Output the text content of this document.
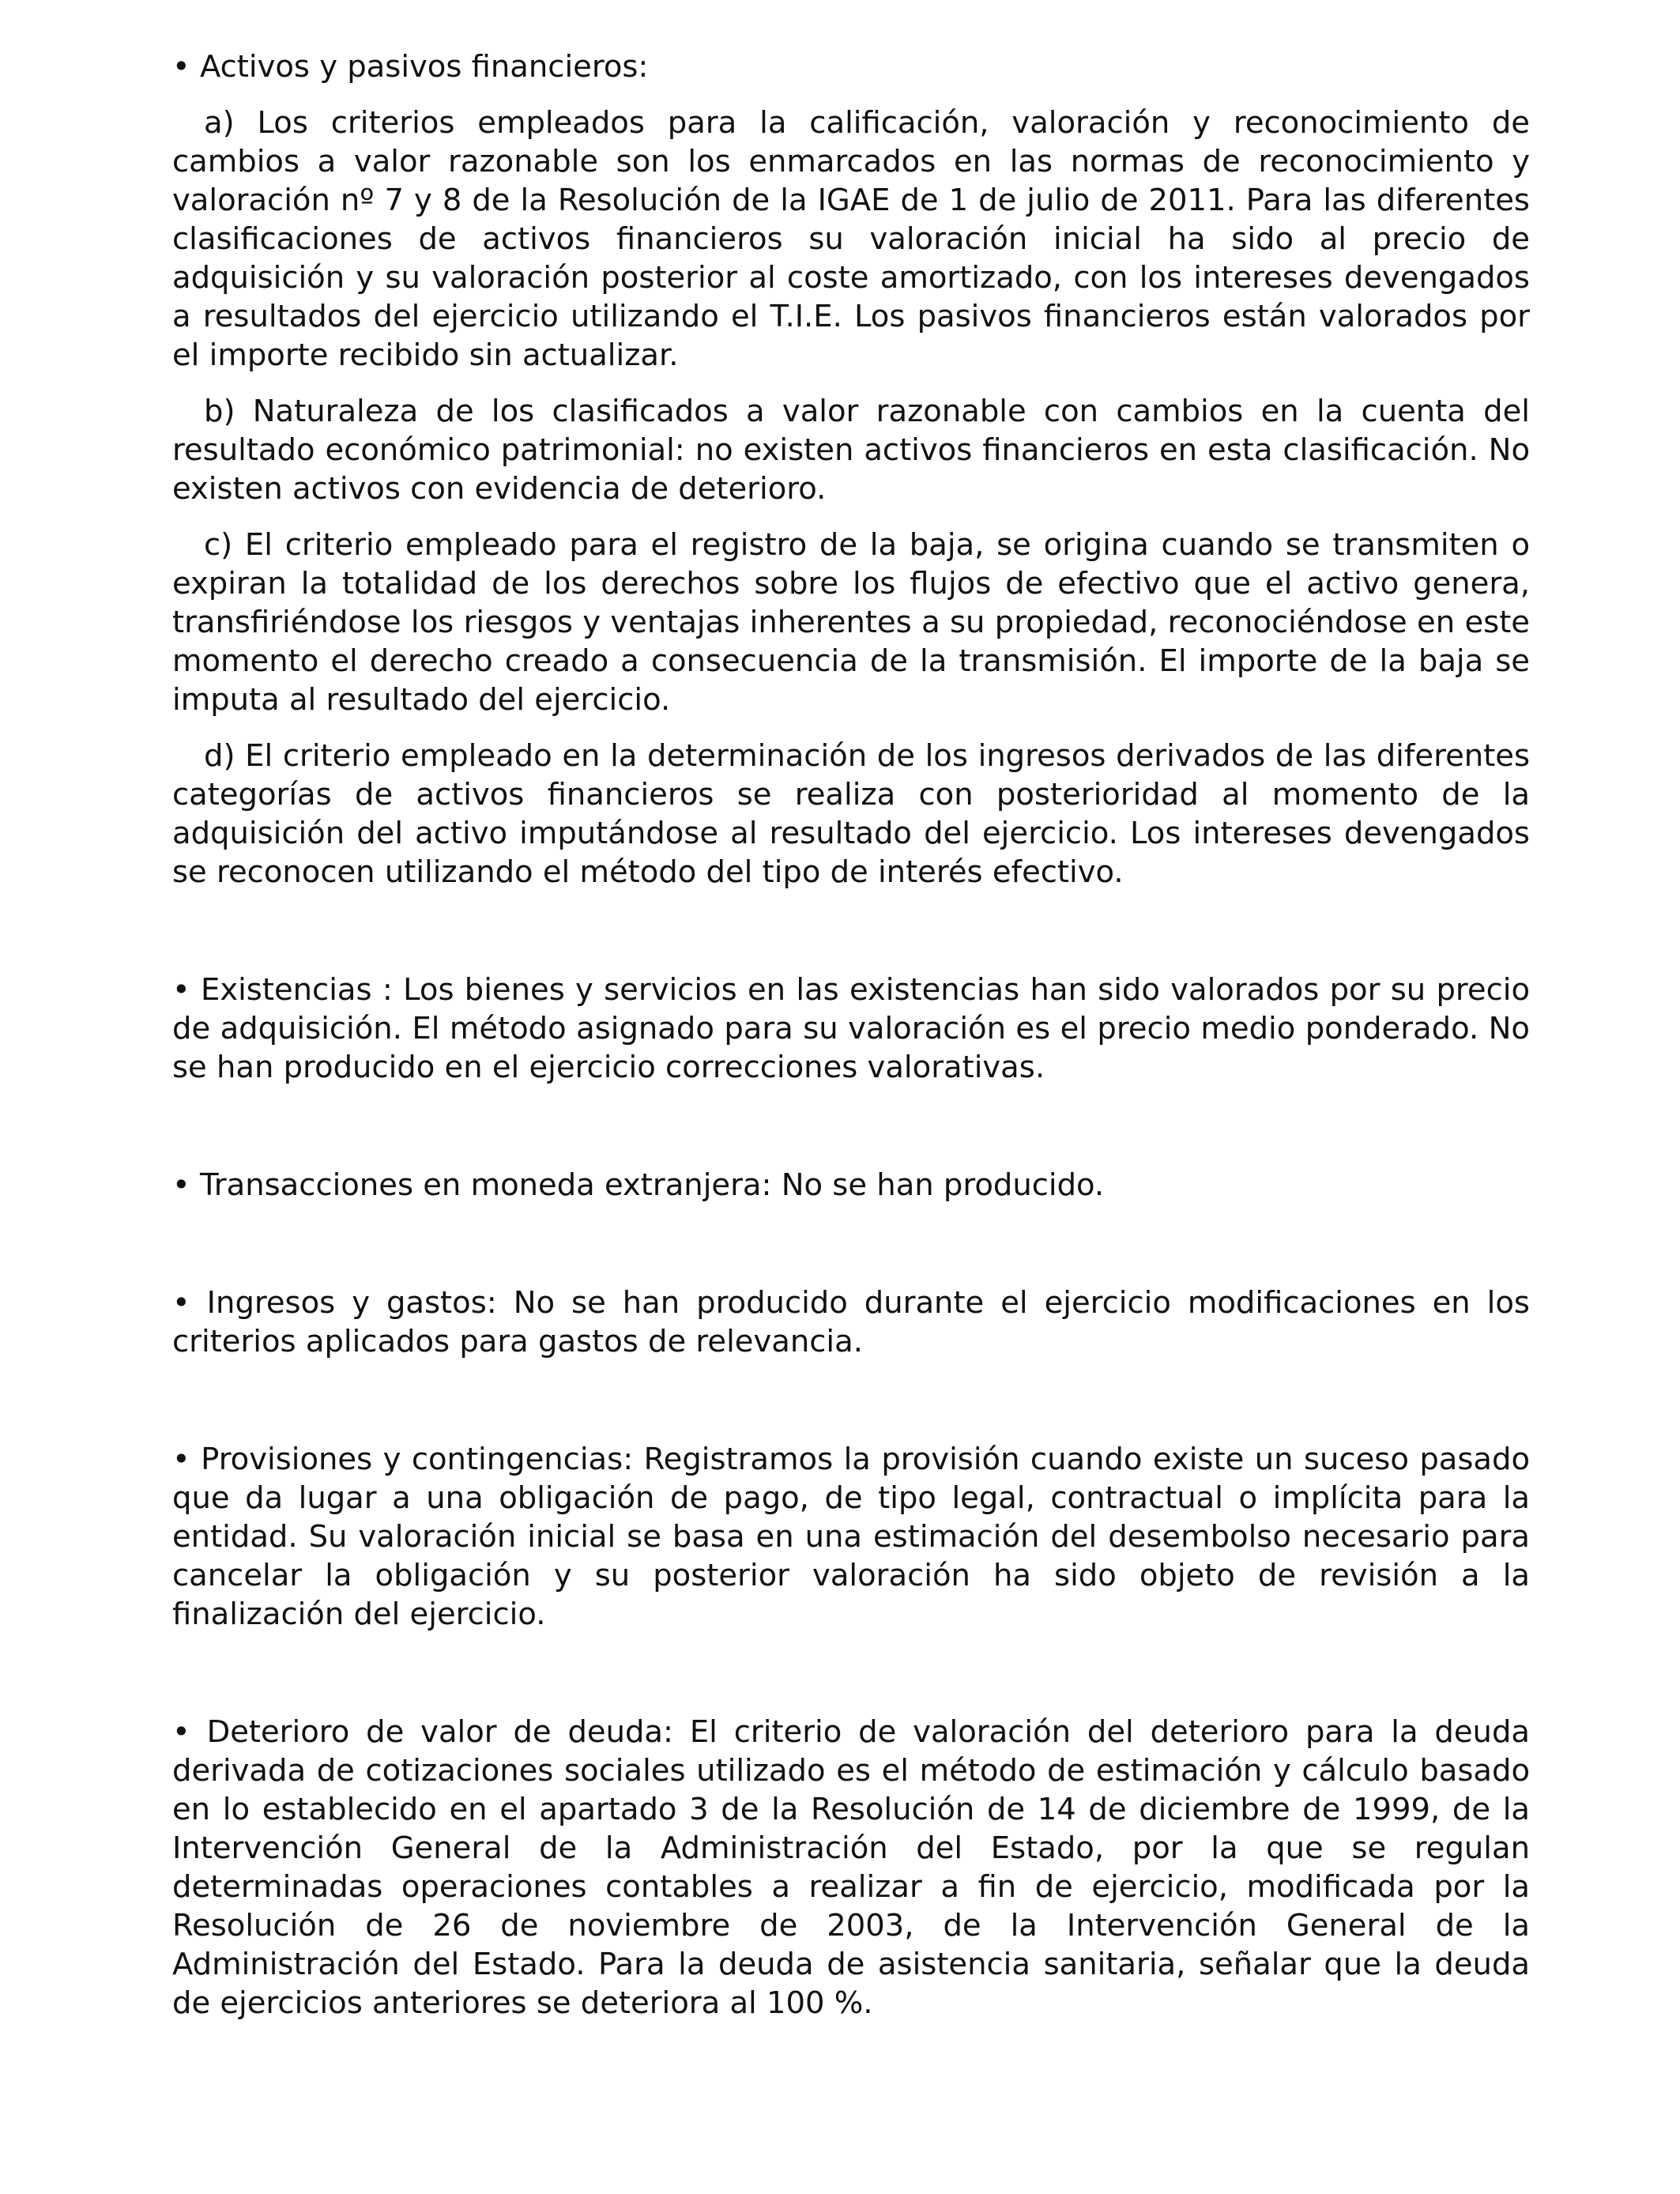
• Activos y pasivos financieros:

a) Los criterios empleados para la calificación, valoración y reconocimiento de cambios a valor razonable son los enmarcados en las normas de reconocimiento y valoración nº 7 y 8 de la Resolución de la IGAE de 1 de julio de 2011. Para las diferentes clasificaciones de activos financieros su valoración inicial ha sido al precio de adquisición y su valoración posterior al coste amortizado, con los intereses devengados a resultados del ejercicio utilizando el T.I.E. Los pasivos financieros están valorados por el importe recibido sin actualizar.

b) Naturaleza de los clasificados a valor razonable con cambios en la cuenta del resultado económico patrimonial: no existen activos financieros en esta clasificación. No existen activos con evidencia de deterioro.

c) El criterio empleado para el registro de la baja, se origina cuando se transmiten o expiran la totalidad de los derechos sobre los flujos de efectivo que el activo genera, transfiriéndose los riesgos y ventajas inherentes a su propiedad, reconociéndose en este momento el derecho creado a consecuencia de la transmisión. El importe de la baja se imputa al resultado del ejercicio.

d) El criterio empleado en la determinación de los ingresos derivados de las diferentes categorías de activos financieros se realiza con posterioridad al momento de la adquisición del activo imputándose al resultado del ejercicio. Los intereses devengados se reconocen utilizando el método del tipo de interés efectivo.

• Existencias : Los bienes y servicios en las existencias han sido valorados por su precio de adquisición. El método asignado para su valoración es el precio medio ponderado. No se han producido en el ejercicio correcciones valorativas.

• Transacciones en moneda extranjera: No se han producido.

• Ingresos y gastos: No se han producido durante el ejercicio modificaciones en los criterios aplicados para gastos de relevancia.

• Provisiones y contingencias: Registramos la provisión cuando existe un suceso pasado que da lugar a una obligación de pago, de tipo legal, contractual o implícita para la entidad. Su valoración inicial se basa en una estimación del desembolso necesario para cancelar la obligación y su posterior valoración ha sido objeto de revisión a la finalización del ejercicio.

• Deterioro de valor de deuda: El criterio de valoración del deterioro para la deuda derivada de cotizaciones sociales utilizado es el método de estimación y cálculo basado en lo establecido en el apartado 3 de la Resolución de 14 de diciembre de 1999, de la Intervención General de la Administración del Estado, por la que se regulan determinadas operaciones contables a realizar a fin de ejercicio, modificada por la Resolución de 26 de noviembre de 2003, de la Intervención General de la Administración del Estado. Para la deuda de asistencia sanitaria, señalar que la deuda de ejercicios anteriores se deteriora al 100 %.
